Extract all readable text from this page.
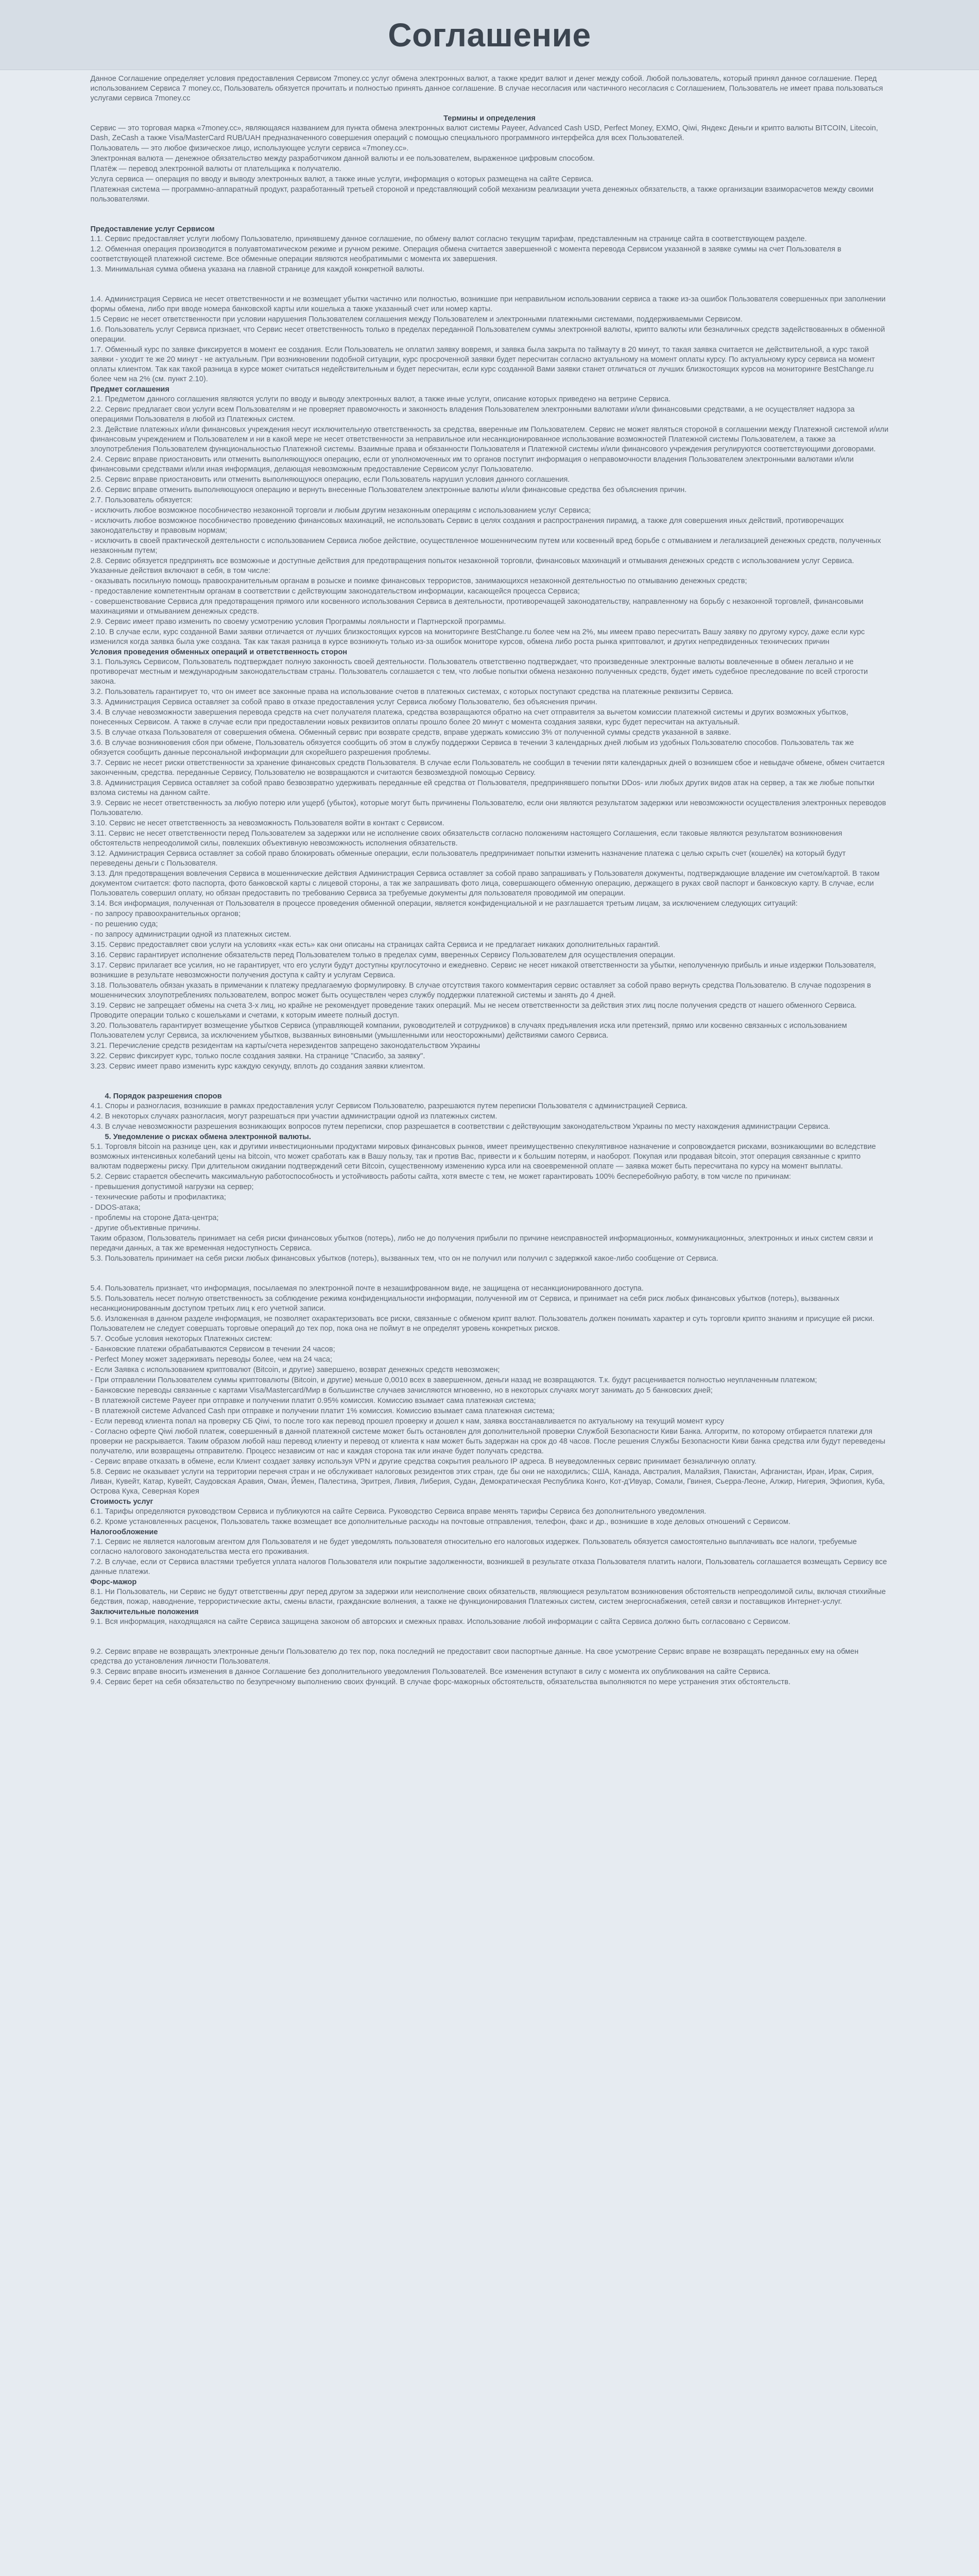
Соглашение

Данное Соглашение определяет условия предоставления Сервисом 7money.cc услуг обмена электронных валют, а также кредит валют и денег между собой. Любой пользователь, который принял данное соглашение. Перед использованием Сервиса 7 money.cc, Пользователь обязуется прочитать и полностью принять данное соглашение. В случае несогласия или частичного несогласия с Соглашением, Пользователь не имеет права пользоваться услугами сервиса 7money.cc

Термины и определения

Сервис — это торговая марка «7money.cc», являющаяся названием для пункта обмена электронных валют системы Payeer, Advanced Cash USD, Perfect Money, EXMO, Qiwi, Яндекс Деньги и крипто валюты BITCOIN, Litecoin, Dash, ZeCash а также Visa/MasterCard RUB/UAH предназначенного совершения операций с помощью специального программного интерфейса для всех Пользователей.

Пользователь — это любое физическое лицо, использующее услуги сервиса «7money.cc».

Электронная валюта — денежное обязательство между разработчиком данной валюты и ее пользователем, выраженное цифровым способом.

Платёж — перевод электронной валюты от плательщика к получателю.

Услуга сервиса — операция по вводу и выводу электронных валют, а также иные услуги, информация о которых размещена на сайте Сервиса.

Платежная система — программно-аппаратный продукт, разработанный третьей стороной и представляющий собой механизм реализации учета денежных обязательств, а также организации взаиморасчетов между своими пользователями.

Предоставление услуг Сервисом

1.1. Сервис предоставляет услуги любому Пользователю, принявшему данное соглашение, по обмену валют согласно текущим тарифам, представленным на странице сайта в соответствующем разделе.

1.2. Обменная операция производится в полуавтоматическом режиме и ручном режиме. Операция обмена считается завершенной с момента перевода Сервисом указанной в заявке суммы на счет Пользователя в соответствующей платежной системе. Все обменные операции являются необратимыми с момента их завершения.

1.3. Минимальная сумма обмена указана на главной странице для каждой конкретной валюты.

1.4. Администрация Сервиса не несет ответственности и не возмещает убытки частично или полностью, возникшие при неправильном использовании сервиса а также из-за ошибок Пользователя совершенных при заполнении формы обмена, либо при вводе номера банковской карты или кошелька а также указанный счет или номер карты.

1.5 Сервис не несет ответственности при условии нарушения Пользователем соглашения между Пользователем и электронными платежными системами, поддерживаемыми Сервисом.

1.6. Пользователь услуг Сервиса признает, что Сервис несет ответственность только в пределах переданной Пользователем суммы электронной валюты, крипто валюты или безналичных средств задействованных в обменной операции.

1.7. Обменный курс по заявке фиксируется в момент ее создания. Если Пользователь не оплатил заявку вовремя, и заявка была закрыта по таймауту в 20 минут, то такая заявка считается не действительной, а курс такой заявки - уходит те же 20 минут - не актуальным. При возникновении подобной ситуации, курс просроченной заявки будет пересчитан согласно актуальному на момент оплаты курсу. По актуальному курсу сервиса на момент оплаты клиентом. Так как такой разница в курсе может считаться недействительным и будет пересчитан, если курс созданной Вами заявки станет отличаться от лучших близкостоящих курсов на мониторинге BestChange.ru более чем на 2% (см. пункт 2.10).

Предмет соглашения

2.1. Предметом данного соглашения являются услуги по вводу и выводу электронных валют, а также иные услуги, описание которых приведено на ветрине Сервиса.

2.2. Сервис предлагает свои услуги всем Пользователям и не проверяет правомочность и законность владения Пользователем электронными валютами и/или финансовыми средствами, а не осуществляет надзора за операциями Пользователя в любой из Платежных систем.

2.3. Действие платежных и/или финансовых учреждения несут исключительную ответственность за средства, вверенные им Пользователем. Сервис не может являться стороной в соглашении между Платежной системой и/или финансовым учреждением и Пользователем и ни в какой мере не несет ответственности за неправильное или несанкционированное использование возможностей Платежной системы Пользователем, а также за злоупотребления Пользователем функциональностью Платежной системы. Взаимные права и обязанности Пользователя и Платежной системы и/или финансового учреждения регулируются соответствующими договорами.

2.4. Сервис вправе приостановить или отменить выполняющуюся операцию, если от уполномоченных им то органов поступит информация о неправомочности владения Пользователем электронными валютами и/или финансовыми средствами и/или иная информация, делающая невозможным предоставление Сервисом услуг Пользователю.

2.5. Сервис вправе приостановить или отменить выполняющуюся операцию, если Пользователь нарушил условия данного соглашения.

2.6. Сервис вправе отменить выполняющуюся операцию и вернуть внесенные Пользователем электронные валюты и/или финансовые средства без объяснения причин.

2.7. Пользователь обязуется:

- исключить любое возможное пособничество незаконной торговли и любым другим незаконным операциям с использованием услуг Сервиса;

- исключить любое возможное пособничество проведению финансовых махинаций, не использовать Сервис в целях создания и распространения пирамид, а также для совершения иных действий, противоречащих законодательству и правовым нормам;

- исключить в своей практической деятельности с использованием Сервиса любое действие, осуществленное мошенническим путем или косвенный вред борьбе с отмыванием и легализацией денежных средств, полученных незаконным путем;

2.8. Сервис обязуется предпринять все возможные и доступные действия для предотвращения попыток незаконной торговли, финансовых махинаций и отмывания денежных средств с использованием услуг Сервиса. Указанные действия включают в себя, в том числе:

- оказывать посильную помощь правоохранительным органам в розыске и поимке финансовых террористов, занимающихся незаконной деятельностью по отмыванию денежных средств;

- предоставление компетентным органам в соответствии с действующим законодательством информации, касающейся процесса Сервиса;

- совершенствование Сервиса для предотвращения прямого или косвенного использования Сервиса в деятельности, противоречащей законодательству, направленному на борьбу с незаконной торговлей, финансовыми махинациями и отмыванием денежных средств.

2.9. Сервис имеет право изменить по своему усмотрению условия Программы лояльности и Партнерской программы.

2.10. В случае если, курс созданной Вами заявки отличается от лучших близкостоящих курсов на мониторинге BestChange.ru более чем на 2%, мы имеем право пересчитать Вашу заявку по другому курсу, даже если курс изменился когда заявка была уже создана. Так как такая разница в курсе возникнуть только из-за ошибок мониторе курсов, обмена либо роста рынка криптовалют, и других непредвиденных технических причин

Условия проведения обменных операций и ответственность сторон

3.1. Пользуясь Сервисом, Пользователь подтверждает полную законность своей деятельности. Пользователь ответственно подтверждает, что произведенные электронные валюты вовлеченные в обмен легально и не противоречат местным и международным законодательствам страны. Пользователь соглашается с тем, что любые попытки обмена незаконно полученных средств, будет иметь судебное преследование по всей строгости закона.

3.2. Пользователь гарантирует то, что он имеет все законные права на использование счетов в платежных системах, с которых поступают средства на платежные реквизиты Сервиса.

3.3. Администрация Сервиса оставляет за собой право в отказе предоставления услуг Сервиса любому Пользователю, без объяснения причин.

3.4. В случае невозможности завершения перевода средств на счет получателя платежа, средства возвращаются обратно на счет отправителя за вычетом комиссии платежной системы и других возможных убытков, понесенных Сервисом. А также в случае если при предоставлении новых реквизитов оплаты прошло более 20 минут с момента создания заявки, курс будет пересчитан на актуальный.

3.5. В случае отказа Пользователя от совершения обмена. Обменный сервис при возврате средств, вправе удержать комиссию 3% от полученной суммы средств указанной в заявке.

3.6. В случае возникновения сбоя при обмене, Пользователь обязуется сообщить об этом в службу поддержки Сервиса в течении 3 календарных дней любым из удобных Пользователю способов. Пользователь так же обязуется сообщить данные персональной информации для скорейшего разрешения проблемы.

3.7. Сервис не несет риски ответственности за хранение финансовых средств Пользователя. В случае если Пользователь не сообщил в течении пяти календарных дней о возникшем сбое и невыдаче обмене, обмен считается законченным, средства. переданные Сервису, Пользователю не возвращаются и считаются безвозмездной помощью Сервису.

3.8. Администрация Сервиса оставляет за собой право безвозвратно удерживать переданные ей средства от Пользователя, предпринявшего попытки DDos- или любых других видов атак на сервер, а так же любые попытки взлома системы на данном сайте.

3.9. Сервис не несет ответственность за любую потерю или ущерб (убыток), которые могут быть причинены Пользователю, если они являются результатом задержки или невозможности осуществления электронных переводов Пользователю.

3.10. Сервис не несет ответственность за невозможность Пользователя войти в контакт с Сервисом.

3.11. Сервис не несет ответственности перед Пользователем за задержки или не исполнение своих обязательств согласно положениям настоящего Соглашения, если таковые являются результатом возникновения обстоятельств непреодолимой силы, повлекших объективную невозможность исполнения обязательств.

3.12. Администрация Сервиса оставляет за собой право блокировать обменные операции, если пользователь предпринимает попытки изменить назначение платежа с целью скрыть счет (кошелёк) на который будут переведены деньги с Пользователя.

3.13. Для предотвращения вовлечения Сервиса в мошеннические действия Администрация Сервиса оставляет за собой право запрашивать у Пользователя документы, подтверждающие владение им счетом/картой. В таком документом считается: фото паспорта, фото банковской карты с лицевой стороны, а так же запрашивать фото лица, совершающего обменную операцию, держащего в руках свой паспорт и банковскую карту. В случае, если Пользователь совершил оплату, но обязан предоставить по требованию Сервиса за требуемые документы для пользователя проводимой им операции.

3.14. Вся информация, полученная от Пользователя в процессе проведения обменной операции, является конфиденциальной и не разглашается третьим лицам, за исключением следующих ситуаций:

- по запросу правоохранительных органов;

- по решению суда;

- по запросу администрации одной из платежных систем.

3.15. Сервис предоставляет свои услуги на условиях «как есть» как они описаны на страницах сайта Сервиса и не предлагает никаких дополнительных гарантий.

3.16. Сервис гарантирует исполнение обязательств перед Пользователем только в пределах сумм, вверенных Сервису Пользователем для осуществления операции.

3.17. Сервис прилагает все усилия, но не гарантирует, что его услуги будут доступны круглосуточно и ежедневно. Сервис не несет никакой ответственности за убытки, неполученную прибыль и иные издержки Пользователя, возникшие в результате невозможности получения доступа к сайту и услугам Сервиса.

3.18. Пользователь обязан указать в примечании к платежу предлагаемую формулировку. В случае отсутствия такого комментария сервис оставляет за собой право вернуть средства Пользователю. В случае подозрения в мошеннических злоупотреблениях пользователем, вопрос может быть осуществлен через службу поддержки платежной системы и занять до 4 дней.

3.19. Сервис не запрещает обмены на счета 3-х лиц, но крайне не рекомендует проведение таких операций. Мы не несем ответственности за действия этих лиц после получения средств от нашего обменного Сервиса. Проводите операции только с кошельками и счетами, к которым имеете полный доступ.

3.20. Пользователь гарантирует возмещение убытков Сервиса (управляющей компании, руководителей и сотрудников) в случаях предъявления иска или претензий, прямо или косвенно связанных с использованием Пользователем услуг Сервиса, за исключением убытков, вызванных виновными (умышленными или неосторожными) действиями самого Сервиса.

3.21. Перечисление средств резидентам на карты/счета нерезидентов запрещено законодательством Украины

3.22. Сервис фиксирует курс, только после создания заявки. На странице "Спасибо, за заявку".

3.23. Сервис имеет право изменить курс каждую секунду, вплоть до создания заявки клиентом.

4. Порядок разрешения споров

4.1. Споры и разногласия, возникшие в рамках предоставления услуг Сервисом Пользователю, разрешаются путем переписки Пользователя с администрацией Сервиса.

4.2. В некоторых случаях разногласия, могут разрешаться при участии администрации одной из платежных систем.

4.3. В случае невозможности разрешения возникающих вопросов путем переписки, спор разрешается в соответствии с действующим законодательством Украины по месту нахождения администрации Сервиса.

5. Уведомление о рисках обмена электронной валюты.

5.1. Торговля bitcoin на разнице цен, как и другими инвестиционными продуктами мировых финансовых рынков, имеет преимущественно спекулятивное назначение и сопровождается рисками, возникающими во вследствие возможных интенсивных колебаний цены на bitcoin, что может сработать как в Вашу пользу, так и против Вас, привести и к большим потерям, и наоборот. Покупая или продавая bitcoin, этот операция связанные с крипто валютам подвержены риску. При длительном ожидании подтверждений сети Bitcoin, существенному изменению курса или на своевременной оплате — заявка может быть пересчитана по курсу на момент выплаты.

5.2. Сервис старается обеспечить максимальную работоспособность и устойчивость работы сайта, хотя вместе с тем, не может гарантировать 100% бесперебойную работу, в том числе по причинам:

- превышения допустимой нагрузки на сервер;

- технические работы и профилактика;

- DDOS-атака;

- проблемы на стороне Дата-центра;

- другие объективные причины.

Таким образом, Пользователь принимает на себя риски финансовых убытков (потерь), либо не до получения прибыли по причине неисправностей информационных, коммуникационных, электронных и иных систем связи и передачи данных, а так же временная недоступность Сервиса.

5.3. Пользователь принимает на себя риски любых финансовых убытков (потерь), вызванных тем, что он не получил или получил с задержкой какое-либо сообщение от Сервиса.

5.4. Пользователь признает, что информация, посылаемая по электронной почте в незашифрованном виде, не защищена от несанкционированного доступа.

5.5. Пользователь несет полную ответственность за соблюдение режима конфиденциальности информации, полученной им от Сервиса, и принимает на себя риск любых финансовых убытков (потерь), вызванных несанкционированным доступом третьих лиц к его учетной записи.

5.6. Изложенная в данном разделе информация, не позволяет охарактеризовать все риски, связанные с обменом крипт валют. Пользователь должен понимать характер и суть торговли крипто знаниям и присущие ей риски. Пользователем не следует совершать торговые операций до тех пор, пока она не поймут в не определят уровень конкретных рисков.

5.7. Особые условия некоторых Платежных систем:

- Банковские платежи обрабатываются Сервисом в течении 24 часов;

- Perfect Money может задерживать переводы более, чем на 24 часа;

- Если Заявка с использованием криптовалют (Bitcoin, и другие) завершено, возврат денежных средств невозможен;

- При отправлении Пользователем суммы криптовалюты (Bitcoin, и другие) меньше 0,0010 всех в завершенном, деньги назад не возвращаются. Т.к. будут расценивается полностью неуплаченным платежом;

- Банковские переводы связанные с картами Visa/Mastercard/Мир в большинстве случаев зачисляются мгновенно, но в некоторых случаях могут занимать до 5 банковских дней;

- В платежной системе Payeer при отправке и получении платит 0.95% комиссия. Комиссию взымает сама платежная система;

- В платежной системе Advanced Cash при отправке и получении платит 1% комиссия. Комиссию взымает сама платежная система;

- Если перевод клиента попал на проверку СБ Qiwi, то после того как перевод прошел проверку и дошел к нам, заявка восстанавливается по актуальному на текущий момент курсу

- Согласно оферте Qiwi любой платеж, совершенный в данной платежной системе может быть остановлен для дополнительной проверки Службой Безопасности Киви Банка. Алгоритм, по которому отбирается платежи для проверки не раскрывается. Таким образом любой наш перевод клиенту и перевод от клиента к нам может быть задержан на срок до 48 часов. После решения Службы Безопасности Киви банка средства или будут переведены получателю, или возвращены отправителю. Процесс независим от нас и каждая сторона так или иначе будет получать средства.

- Сервис вправе отказать в обмене, если Клиент создает заявку используя VPN и другие средства сокрытия реального IP адреса. В неуведомленных сервис принимает безналичную оплату.

5.8. Сервис не оказывает услуги на территории перечня стран и не обслуживает налоговых резидентов этих стран, где бы они не находились; США, Канада, Австралия, Малайзия, Пакистан, Афганистан, Иран, Ирак, Сирия, Ливан, Кувейт, Катар, Кувейт, Саудовская Аравия, Оман, Йемен, Палестина, Эритрея, Ливия, Либерия, Судан, Демократическая Республика Конго, Кот-д'Ивуар, Сомали, Гвинея, Сьерра-Леоне, Алжир, Нигерия, Эфиопия, Куба, Острова Кука, Северная Корея

Стоимость услуг

6.1. Тарифы определяются руководством Сервиса и публикуются на сайте Сервиса. Руководство Сервиса вправе менять тарифы Сервиса без дополнительного уведомления.

6.2. Кроме установленных расценок, Пользователь также возмещает все дополнительные расходы на почтовые отправления, телефон, факс и др., возникшие в ходе деловых отношений с Сервисом.

Налогообложение

7.1. Сервис не является налоговым агентом для Пользователя и не будет уведомлять пользователя относительно его налоговых издержек. Пользователь обязуется самостоятельно выплачивать все налоги, требуемые согласно налогового законодательства места его проживания.

7.2. В случае, если от Сервиса властями требуется уплата налогов Пользователя или покрытие задолженности, возникшей в результате отказа Пользователя платить налоги, Пользователь соглашается возмещать Сервису все данные платежи.

Форс-мажор

8.1. Ни Пользователь, ни Сервис не будут ответственны друг перед другом за задержки или неисполнение своих обязательств, являющиеся результатом возникновения обстоятельств непреодолимой силы, включая стихийные бедствия, пожар, наводнение, террористические акты, смены власти, гражданские волнения, а также не функционирования Платежных систем, систем энергоснабжения, сетей связи и поставщиков Интернет-услуг.

Заключительные положения

9.1. Вся информация, находящаяся на сайте Сервиса защищена законом об авторских и смежных правах. Использование любой информации с сайта Сервиса должно быть согласовано с Сервисом.

9.2. Сервис вправе не возвращать электронные деньги Пользователю до тех пор, пока последний не предоставит свои паспортные данные. На свое усмотрение Сервис вправе не возвращать переданных ему на обмен средства до установления личности Пользователя.

9.3. Сервис вправе вносить изменения в данное Соглашение без дополнительного уведомления Пользователей. Все изменения вступают в силу с момента их опубликования на сайте Сервиса.

9.4. Сервис берет на себя обязательство по безупречному выполнению своих функций. В случае форс-мажорных обстоятельств, обязательства выполняются по мере устранения этих обстоятельств.
